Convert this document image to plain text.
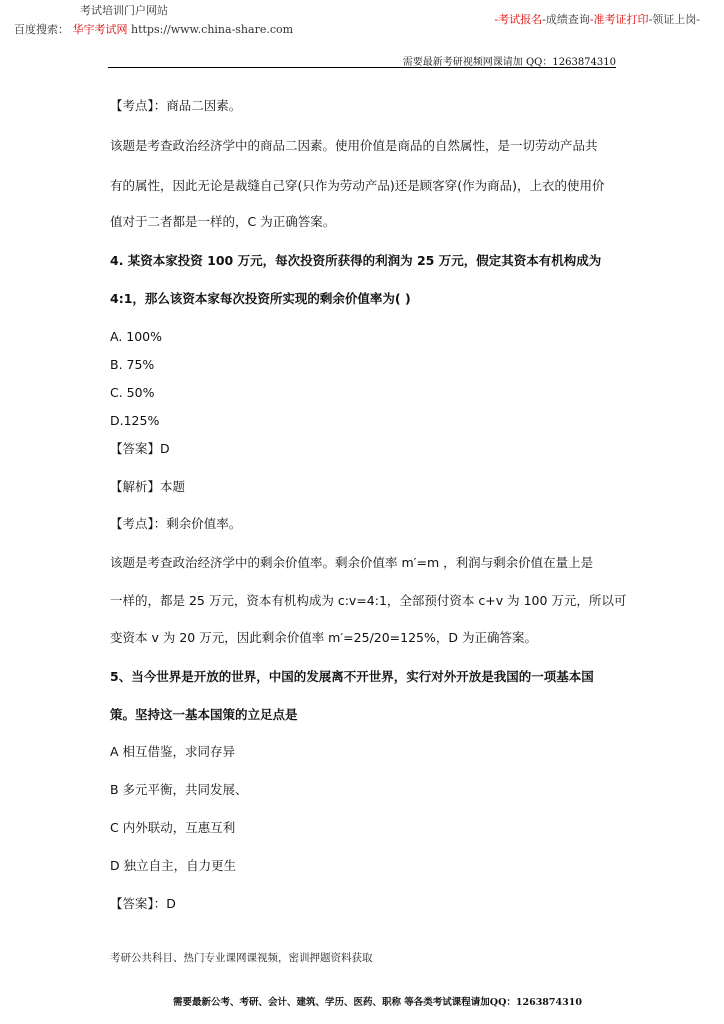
考试培训门户网站
百度搜索： 华宇考试网 https://www.china-share.com
-考试报名-成绩查询-准考证打印-领证上岗-
需要最新考研视频网课请加 QQ：1263874310
【考点】：商品二因素。
该题是考查政治经济学中的商品二因素。使用价值是商品的自然属性，是一切劳动产品共
有的属性，因此无论是裁缝自己穿(只作为劳动产品)还是顾客穿(作为商品)，上衣的使用价
值对于二者都是一样的，C 为正确答案。
4. 某资本家投资 100 万元，每次投资所获得的利润为 25 万元，假定其资本有机构成为
4:1，那么该资本家每次投资所实现的剩余价值率为( )
A. 100%
B. 75%
C. 50%
D.125%
【答案】D
【解析】本题
【考点】：剩余价值率。
该题是考查政治经济学中的剩余价值率。剩余价值率 m′=m ，利润与剩余价值在量上是
一样的，都是 25 万元，资本有机构成为 c:v=4:1，全部预付资本 c+v 为 100 万元，所以可
变资本 v 为 20 万元，因此剩余价值率 m′=25/20=125%，D 为正确答案。
5、当今世界是开放的世界，中国的发展离不开世界，实行对外开放是我国的一项基本国
策。坚持这一基本国策的立足点是
A 相互借鉴，求同存异
B 多元平衡，共同发展、
C 内外联动，互惠互利
D 独立自主，自力更生
【答案】：D
考研公共科目、热门专业课网课视频，密训押题资料获取
需要最新公考、考研、会计、建筑、学历、医药、职称 等各类考试课程请加QQ：1263874310
